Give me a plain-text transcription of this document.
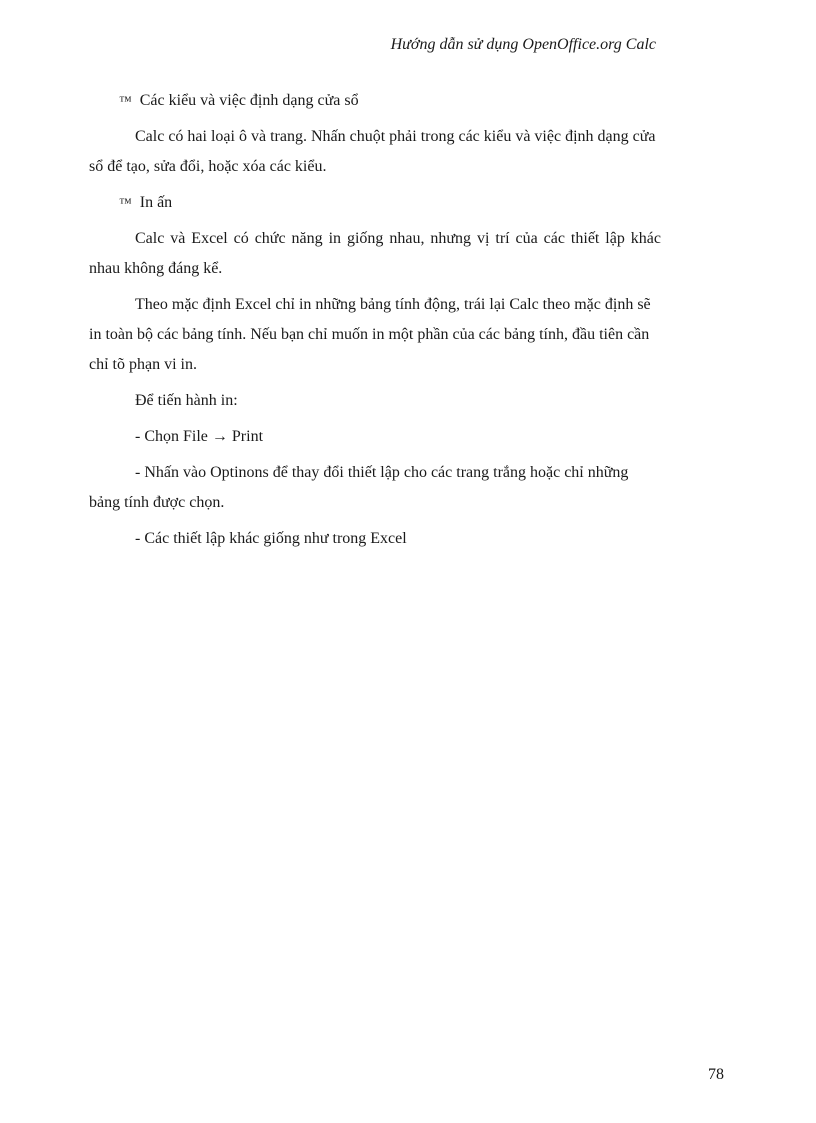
Hướng dẫn sử dụng OpenOffice.org Calc
™ Các kiểu và việc định dạng cửa sổ

Calc có hai loại ô và trang. Nhấn chuột phải trong các kiểu và việc định dạng cửa sổ để tạo, sửa đổi, hoặc xóa các kiểu.

™ In ấn

Calc và Excel có chức năng in giống nhau, nhưng vị trí của các thiết lập khác nhau không đáng kể.

Theo mặc định Excel chỉ in những bảng tính động, trái lại Calc theo mặc định sẽ in toàn bộ các bảng tính. Nếu bạn chỉ muốn in một phần của các bảng tính, đầu tiên cần chỉ tõ phạn vi in.

Để tiến hành in:

- Chọn File → Print

- Nhấn vào Optinons để thay đổi thiết lập cho các trang trắng hoặc chỉ những bảng tính được chọn.

- Các thiết lập khác giống như trong Excel

78
